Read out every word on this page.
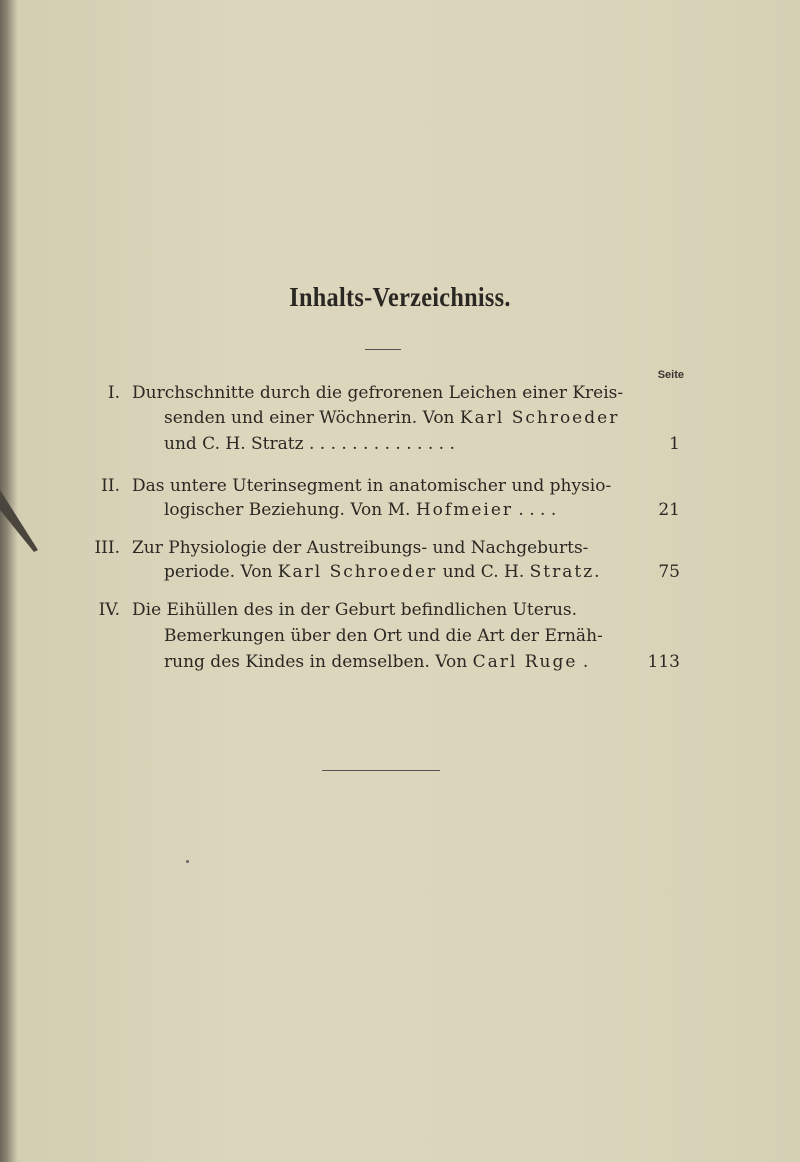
Inhalts-Verzeichniss.
Seite
I. Durchschnitte durch die gefrorenen Leichen einer Kreis-
senden und einer Wöchnerin. Von Karl Schroeder
und C. H. Stratz . . . . . . . . . . . . . .	1
II. Das untere Uterinsegment in anatomischer und physio-
logischer Beziehung. Von M. Hofmeier . . . .	21
III. Zur Physiologie der Austreibungs- und Nachgeburts-
periode. Von Karl Schroeder und C. H. Stratz.	75
IV. Die Eihüllen des in der Geburt befindlichen Uterus.
Bemerkungen über den Ort und die Art der Ernäh-
rung des Kindes in demselben. Von Carl Ruge .	113
